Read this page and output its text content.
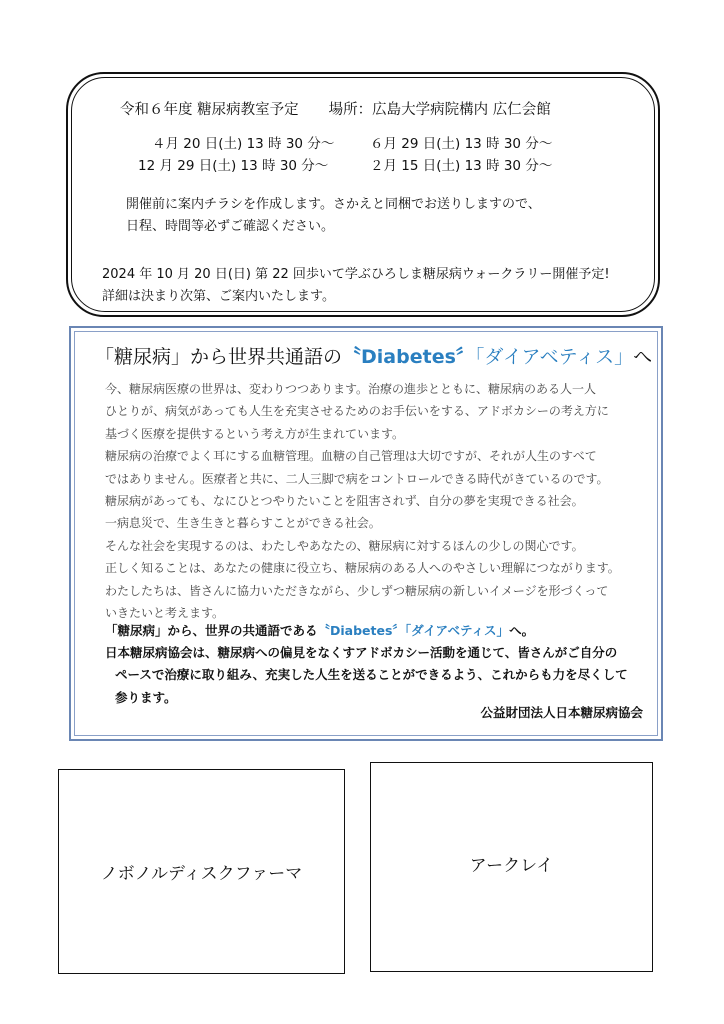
令和６年度 糖尿病教室予定 場所：広島大学病院構内 広仁会館
４月 20 日(土) 13 時 30 分～	６月 29 日(土) 13 時 30 分～
12 月 29 日(土) 13 時 30 分～	２月 15 日(土) 13 時 30 分～
開催前に案内チラシを作成します。さかえと同梱でお送りしますので、
日程、時間等必ずご確認ください。
2024 年 10 月 20 日(日) 第 22 回歩いて学ぶひろしま糖尿病ウォークラリー開催予定!
詳細は決まり次第、ご案内いたします。
「糖尿病」から世界共通語の〝Diabetes〞「ダイアベティス」へ
今、糖尿病医療の世界は、変わりつつあります。治療の進歩とともに、糖尿病のある人一人
ひとりが、病気があっても人生を充実させるためのお手伝いをする、アドボカシーの考え方に
基づく医療を提供するという考え方が生まれています。
糖尿病の治療でよく耳にする血糖管理。血糖の自己管理は大切ですが、それが人生のすべて
ではありません。医療者と共に、二人三脚で病をコントロールできる時代がきているのです。
糖尿病があっても、なにひとつやりたいことを阻害されず、自分の夢を実現できる社会。
一病息災で、生き生きと暮らすことができる社会。
そんな社会を実現するのは、わたしやあなたの、糖尿病に対するほんの少しの関心です。
正しく知ることは、あなたの健康に役立ち、糖尿病のある人へのやさしい理解につながります。
わたしたちは、皆さんに協力いただきながら、少しずつ糖尿病の新しいイメージを形づくって
いきたいと考えます。
「糖尿病」から、世界の共通語である〝Diabetes〞「ダイアベティス」へ。
日本糖尿病協会は、糖尿病への偏見をなくすアドボカシー活動を通じて、皆さんがご自分の
ペースで治療に取り組み、充実した人生を送ることができるよう、これからも力を尽くして
参ります。
公益財団法人日本糖尿病協会
ノボノルディスクファーマ	アークレイ
